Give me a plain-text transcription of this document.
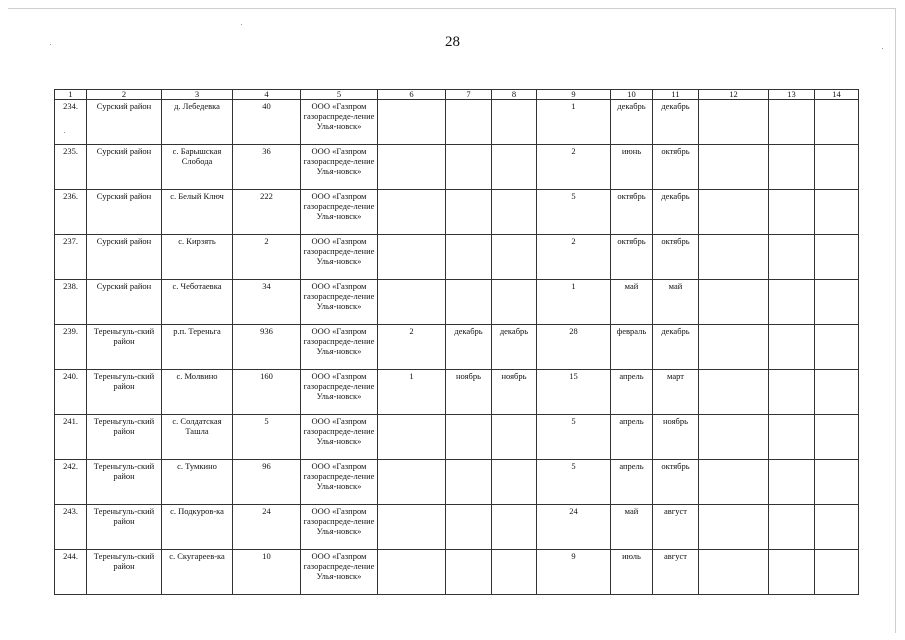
28
1	2	3	4	5	6	7	8	9	10	11	12	13	14
234.	Сурский район	д. Лебедевка	40	ООО «Газпром газораспреде-ление Улья-новск»				1	декабрь	декабрь			
235.	Сурский район	с. Барышская Слобода	36	ООО «Газпром газораспреде-ление Улья-новск»				2	июнь	октябрь			
236.	Сурский район	с. Белый Ключ	222	ООО «Газпром газораспреде-ление Улья-новск»				5	октябрь	декабрь			
237.	Сурский район	с. Кирзять	2	ООО «Газпром газораспреде-ление Улья-новск»				2	октябрь	октябрь			
238.	Сурский район	с. Чеботаевка	34	ООО «Газпром газораспреде-ление Улья-новск»				1	май	май			
239.	Тереньгуль-ский район	р.п. Тереньга	936	ООО «Газпром газораспреде-ление Улья-новск»	2	декабрь	декабрь	28	февраль	декабрь			
240.	Тереньгуль-ский район	с. Молвино	160	ООО «Газпром газораспреде-ление Улья-новск»	1	ноябрь	ноябрь	15	апрель	март			
241.	Тереньгуль-ский район	с. Солдатская Ташла	5	ООО «Газпром газораспреде-ление Улья-новск»				5	апрель	ноябрь			
242.	Тереньгуль-ский район	с. Тумкино	96	ООО «Газпром газораспреде-ление Улья-новск»				5	апрель	октябрь			
243.	Тереньгуль-ский район	с. Подкуров-ка	24	ООО «Газпром газораспреде-ление Улья-новск»				24	май	август			
244.	Тереньгуль-ский район	с. Скугареев-ка	10	ООО «Газпром газораспреде-ление Улья-новск»				9	июль	август			
